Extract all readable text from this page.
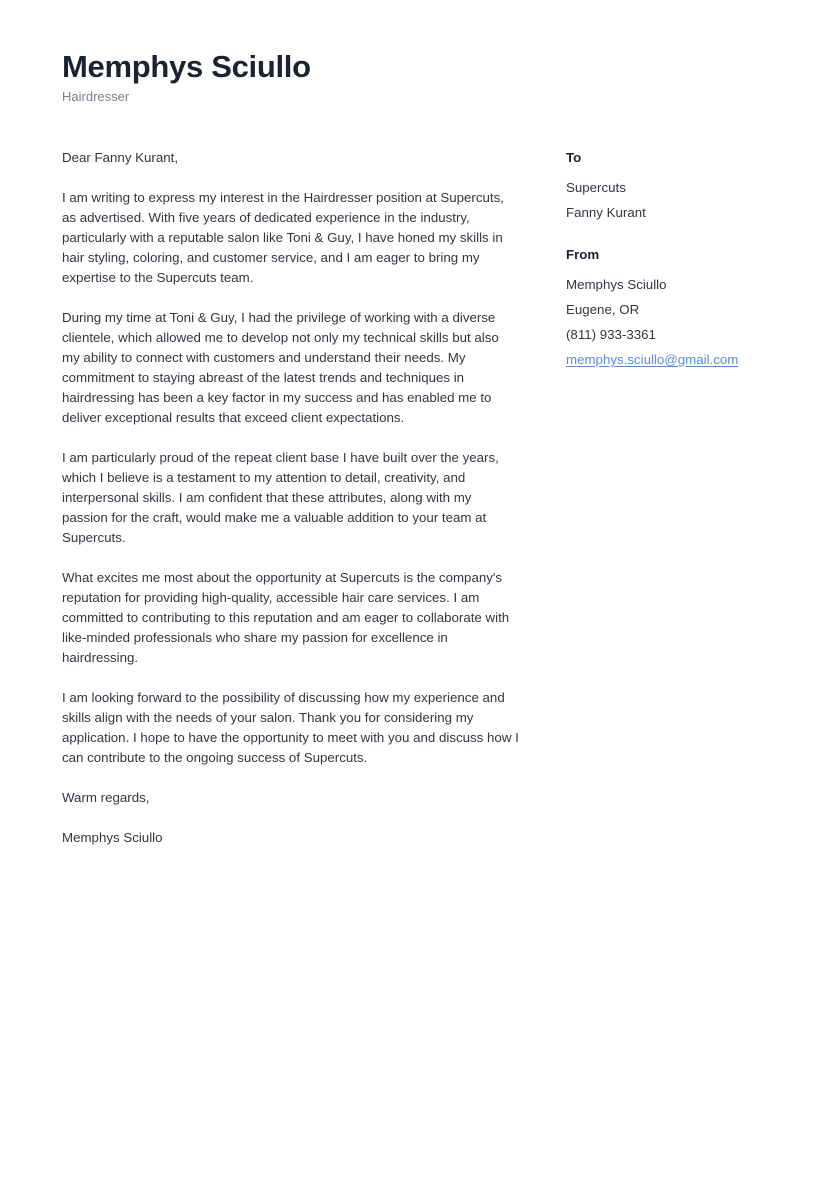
Memphys Sciullo
Hairdresser

Dear Fanny Kurant,

I am writing to express my interest in the Hairdresser position at Supercuts, as advertised. With five years of dedicated experience in the industry, particularly with a reputable salon like Toni & Guy, I have honed my skills in hair styling, coloring, and customer service, and I am eager to bring my expertise to the Supercuts team.

During my time at Toni & Guy, I had the privilege of working with a diverse clientele, which allowed me to develop not only my technical skills but also my ability to connect with customers and understand their needs. My commitment to staying abreast of the latest trends and techniques in hairdressing has been a key factor in my success and has enabled me to deliver exceptional results that exceed client expectations.

I am particularly proud of the repeat client base I have built over the years, which I believe is a testament to my attention to detail, creativity, and interpersonal skills. I am confident that these attributes, along with my passion for the craft, would make me a valuable addition to your team at Supercuts.

What excites me most about the opportunity at Supercuts is the company's reputation for providing high-quality, accessible hair care services. I am committed to contributing to this reputation and am eager to collaborate with like-minded professionals who share my passion for excellence in hairdressing.

I am looking forward to the possibility of discussing how my experience and skills align with the needs of your salon. Thank you for considering my application. I hope to have the opportunity to meet with you and discuss how I can contribute to the ongoing success of Supercuts.

Warm regards,

Memphys Sciullo

To
Supercuts
Fanny Kurant
From
Memphys Sciullo
Eugene, OR
(811) 933-3361
memphys.sciullo@gmail.com
